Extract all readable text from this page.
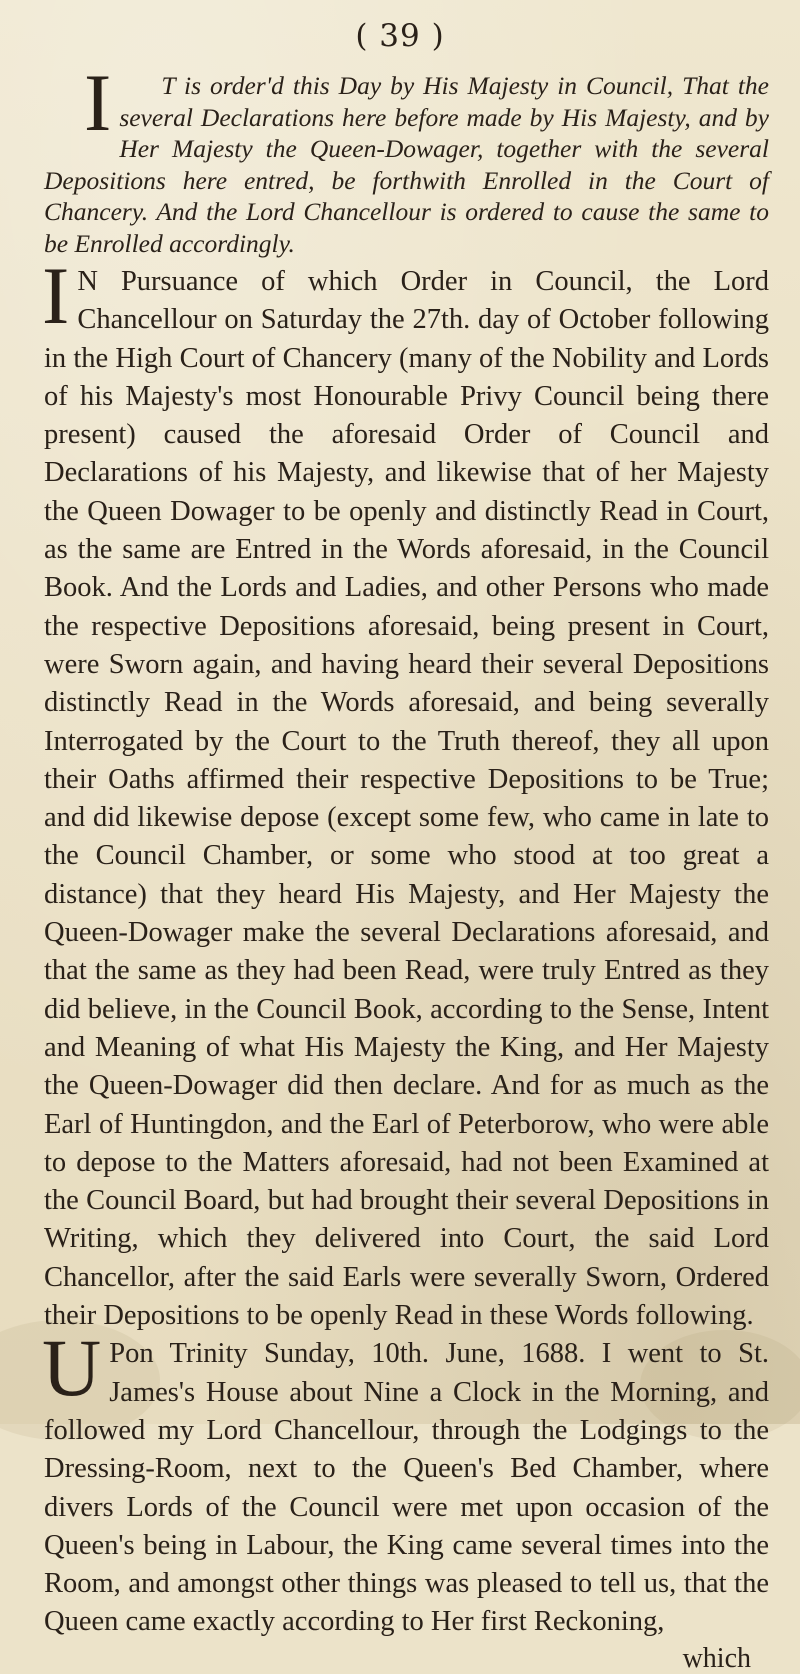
( 39 )

I T is order'd this Day by His Majesty in Council, That the several Declarations here before made by His Majesty, and by Her Majesty the Queen-Dowager, together with the several Depositions here entred, be forthwith Enrolled in the Court of Chancery. And the Lord Chancellour is ordered to cause the same to be Enrolled accordingly.

I N Pursuance of which Order in Council, the Lord Chancellour on Saturday the 27th. day of October following in the High Court of Chancery (many of the Nobility and Lords of his Majesty's most Honourable Privy Council being there present) caused the aforesaid Order of Council and Declarations of his Majesty, and likewise that of her Majesty the Queen Dowager to be openly and distinctly Read in Court, as the same are Entred in the Words aforesaid, in the Council Book. And the Lords and Ladies, and other Persons who made the respective Depositions aforesaid, being present in Court, were Sworn again, and having heard their several Depositions distinctly Read in the Words aforesaid, and being severally Interrogated by the Court to the Truth thereof, they all upon their Oaths affirmed their respective Depositions to be True; and did likewise depose (except some few, who came in late to the Council Chamber, or some who stood at too great a distance) that they heard His Majesty, and Her Majesty the Queen-Dowager make the several Declarations aforesaid, and that the same as they had been Read, were truly Entred as they did believe, in the Council Book, according to the Sense, Intent and Meaning of what His Majesty the King, and Her Majesty the Queen-Dowager did then declare. And for as much as the Earl of Huntingdon, and the Earl of Peterborow, who were able to depose to the Matters aforesaid, had not been Examined at the Council Board, but had brought their several Depositions in Writing, which they delivered into Court, the said Lord Chancellor, after the said Earls were severally Sworn, Ordered their Depositions to be openly Read in these Words following.

U Pon Trinity Sunday, 10th. June, 1688. I went to St. James's House about Nine a Clock in the Morning, and followed my Lord Chancellour, through the Lodgings to the Dressing-Room, next to the Queen's Bed Chamber, where divers Lords of the Council were met upon occasion of the Queen's being in Labour, the King came several times into the Room, and amongst other things was pleased to tell us, that the Queen came exactly according to Her first Reckoning,

which
